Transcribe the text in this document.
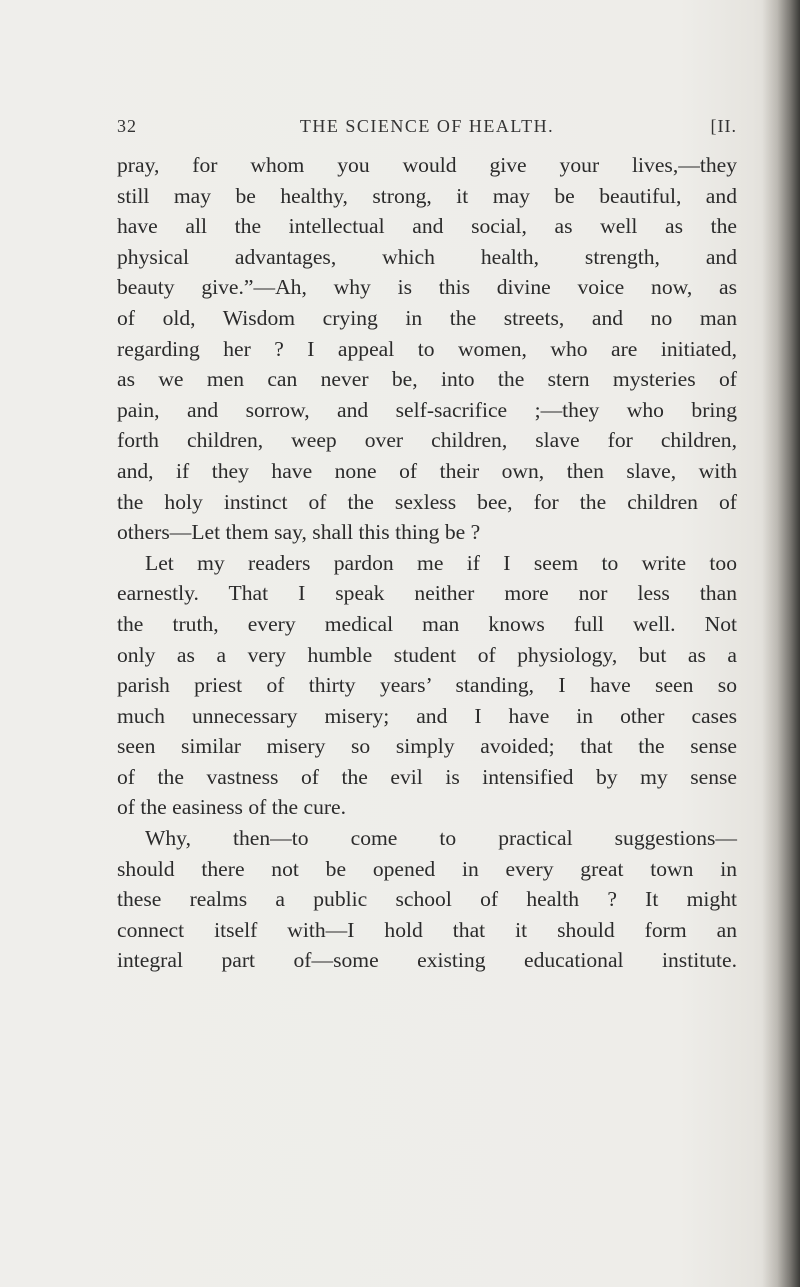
32	THE SCIENCE OF HEALTH.	[II.
pray, for whom you would give your lives,—they
still may be healthy, strong, it may be beautiful, and
have all the intellectual and social, as well as the
physical advantages, which health, strength, and
beauty give.”—Ah, why is this divine voice now, as
of old, Wisdom crying in the streets, and no man
regarding her ? I appeal to women, who are initiated,
as we men can never be, into the stern mysteries of
pain, and sorrow, and self-sacrifice ;—they who bring
forth children, weep over children, slave for children,
and, if they have none of their own, then slave, with
the holy instinct of the sexless bee, for the children of
others—Let them say, shall this thing be ?
Let my readers pardon me if I seem to write too
earnestly. That I speak neither more nor less than
the truth, every medical man knows full well. Not
only as a very humble student of physiology, but as a
parish priest of thirty years’ standing, I have seen so
much unnecessary misery; and I have in other cases
seen similar misery so simply avoided; that the sense
of the vastness of the evil is intensified by my sense
of the easiness of the cure.
Why, then—to come to practical suggestions—
should there not be opened in every great town in
these realms a public school of health ? It might
connect itself with—I hold that it should form an
integral part of—some existing educational institute.
